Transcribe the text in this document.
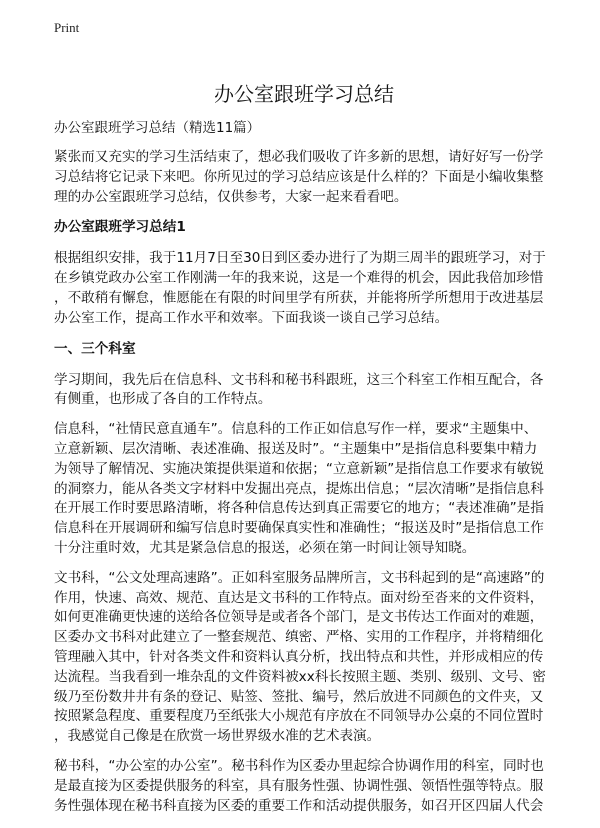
Print
办公室跟班学习总结
办公室跟班学习总结（精选11篇）
紧张而又充实的学习生活结束了，想必我们吸收了许多新的思想，请好好写一份学
习总结将它记录下来吧。你所见过的学习总结应该是什么样的？下面是小编收集整
理的办公室跟班学习总结，仅供参考，大家一起来看看吧。
办公室跟班学习总结1
根据组织安排，我于11月7日至30日到区委办进行了为期三周半的跟班学习，对于
在乡镇党政办公室工作刚满一年的我来说，这是一个难得的机会，因此我倍加珍惜
，不敢稍有懈怠，惟愿能在有限的时间里学有所获，并能将所学所想用于改进基层
办公室工作，提高工作水平和效率。下面我谈一谈自己学习总结。
一、三个科室
学习期间，我先后在信息科、文书科和秘书科跟班，这三个科室工作相互配合，各
有侧重，也形成了各自的工作特点。
信息科，“社情民意直通车”。信息科的工作正如信息写作一样，要求“主题集中、
立意新颖、层次清晰、表述准确、报送及时”。“主题集中”是指信息科要集中精力
为领导了解情况、实施决策提供渠道和依据；“立意新颖”是指信息工作要求有敏锐
的洞察力，能从各类文字材料中发掘出亮点，提炼出信息；“层次清晰”是指信息科
在开展工作时要思路清晰，将各种信息传达到真正需要它的地方；“表述准确”是指
信息科在开展调研和编写信息时要确保真实性和准确性；“报送及时”是指信息工作
十分注重时效，尤其是紧急信息的报送，必须在第一时间让领导知晓。
文书科，“公文处理高速路”。正如科室服务品牌所言，文书科起到的是“高速路”的
作用，快速、高效、规范、直达是文书科的工作特点。面对纷至沓来的文件资料，
如何更准确更快速的送给各位领导是或者各个部门，是文书传达工作面对的难题，
区委办文书科对此建立了一整套规范、缜密、严格、实用的工作程序，并将精细化
管理融入其中，针对各类文件和资料认真分析，找出特点和共性，并形成相应的传
达流程。当我看到一堆杂乱的文件资料被xx科长按照主题、类别、级别、文号、密
级乃至份数井井有条的登记、贴签、签批、编号，然后放进不同颜色的文件夹，又
按照紧急程度、重要程度乃至纸张大小规范有序放在不同领导办公桌的不同位置时
，我感觉自己像是在欣赏一场世界级水准的艺术表演。
秘书科，“办公室的办公室”。秘书科作为区委办里起综合协调作用的科室，同时也
是最直接为区委提供服务的科室，具有服务性强、协调性强、领悟性强等特点。服
务性强体现在秘书科直接为区委的重要工作和活动提供服务，如召开区四届人代会
